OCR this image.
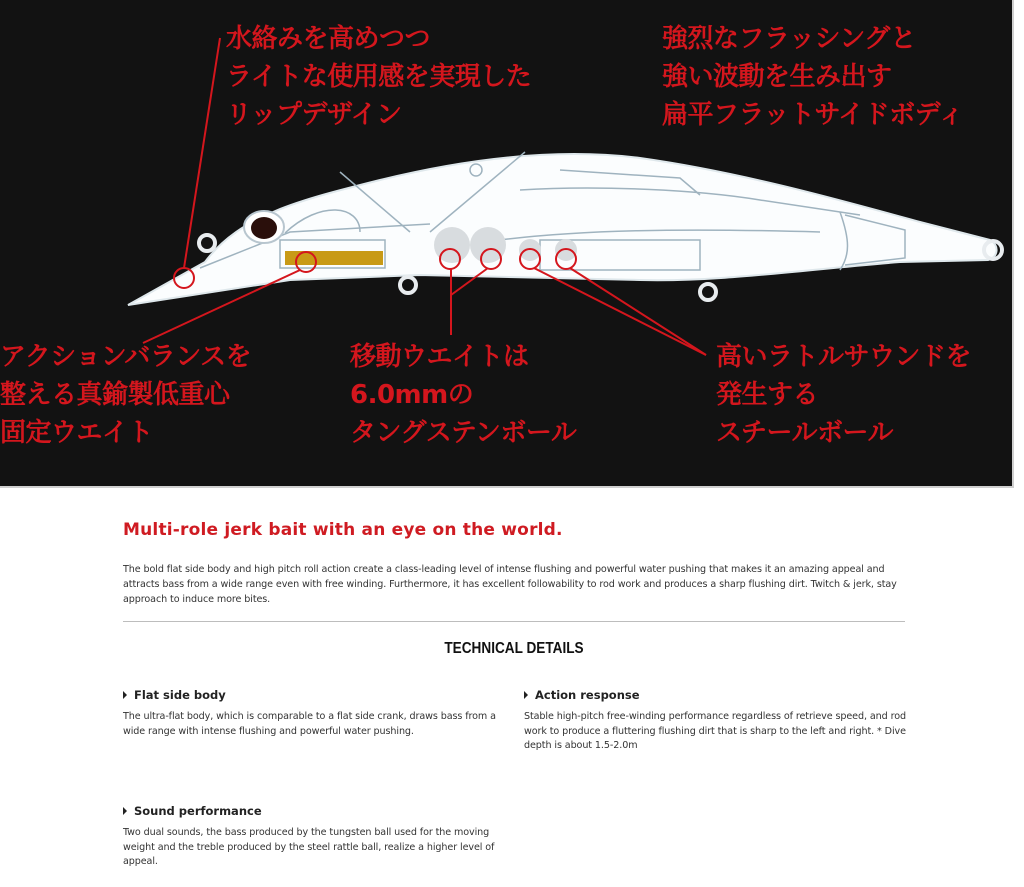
水絡みを高めつつ
ライトな使用感を実現した
リップデザイン
強烈なフラッシングと
強い波動を生み出す
扁平フラットサイドボディ
アクションバランスを
整える真鍮製低重心
固定ウエイト
移動ウエイトは
6.0mmの
タングステンボール
高いラトルサウンドを
発生する
スチールボール
Multi-role jerk bait with an eye on the world.

The bold flat side body and high pitch roll action create a class-leading level of intense flushing and powerful water pushing that makes it an amazing appeal and attracts bass from a wide range even with free winding. Furthermore, it has excellent followability to rod work and produces a sharp flushing dirt. Twitch & jerk, stay approach to induce more bites.

TECHNICAL DETAILS
Flat side body
The ultra-flat body, which is comparable to a flat side crank, draws bass from a wide range with intense flushing and powerful water pushing.
Action response
Stable high-pitch free-winding performance regardless of retrieve speed, and rod work to produce a fluttering flushing dirt that is sharp to the left and right. * Dive depth is about 1.5-2.0m
Sound performance
Two dual sounds, the bass produced by the tungsten ball used for the moving weight and the treble produced by the steel rattle ball, realize a higher level of appeal.
